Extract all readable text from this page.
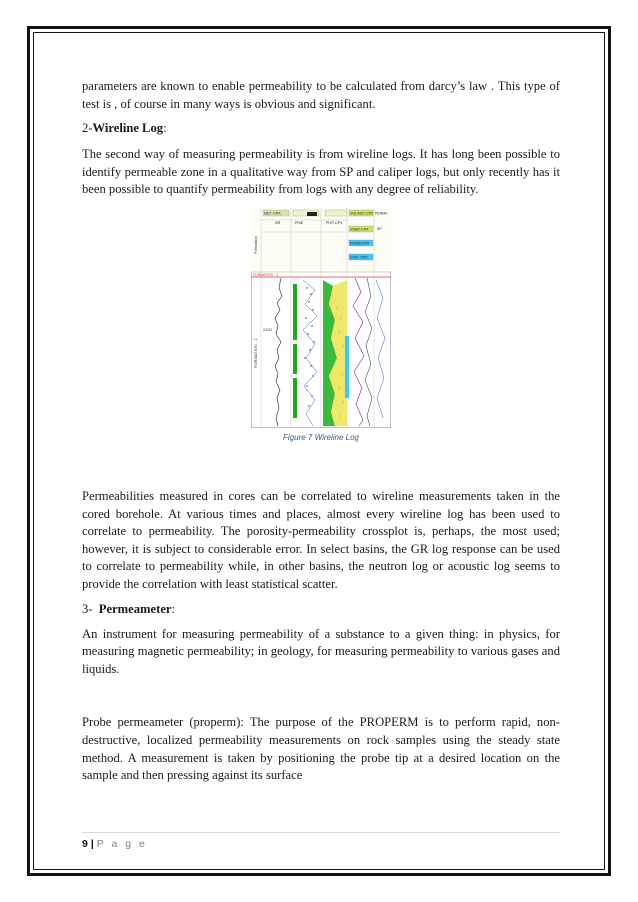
parameters are known to enable permeability to be calculated from darcy’s law . This type of test is , of course in many ways is obvious and significant.

2-Wireline Log:

The second way of measuring permeability is from wireline logs. It has long been possible to identify permeable zone in a qualitative way from SP and caliper logs, but only recently has it been possible to quantify permeability from logs with any degree of reliability.

NET -CPX
GR	PHIE	PHIT-CPX
VGLAUC-CPX
VSHD-CPX
PHSW-CPX
VSW -CPX
PERMC
KP
Formation
FORMATION - 1
2100
FORMATION - 1
Figure 7 Wireline Log

Permeabilities measured in cores can be correlated to wireline measurements taken in the cored borehole. At various times and places, almost every wireline log has been used to correlate to permeability. The porosity-permeability crossplot is, perhaps, the most used; however, it is subject to considerable error. In select basins, the GR log response can be used to correlate to permeability while, in other basins, the neutron log or acoustic log seems to provide the correlation with least statistical scatter.

3- Permeameter:

An instrument for measuring permeability of a substance to a given thing: in physics, for measuring magnetic permeability; in geology, for measuring permeability to various gases and liquids.

Probe permeameter (properm): The purpose of the PROPERM is to perform rapid, non-destructive, localized permeability measurements on rock samples using the steady state method. A measurement is taken by positioning the probe tip at a desired location on the sample and then pressing against its surface

9 | P a g e
